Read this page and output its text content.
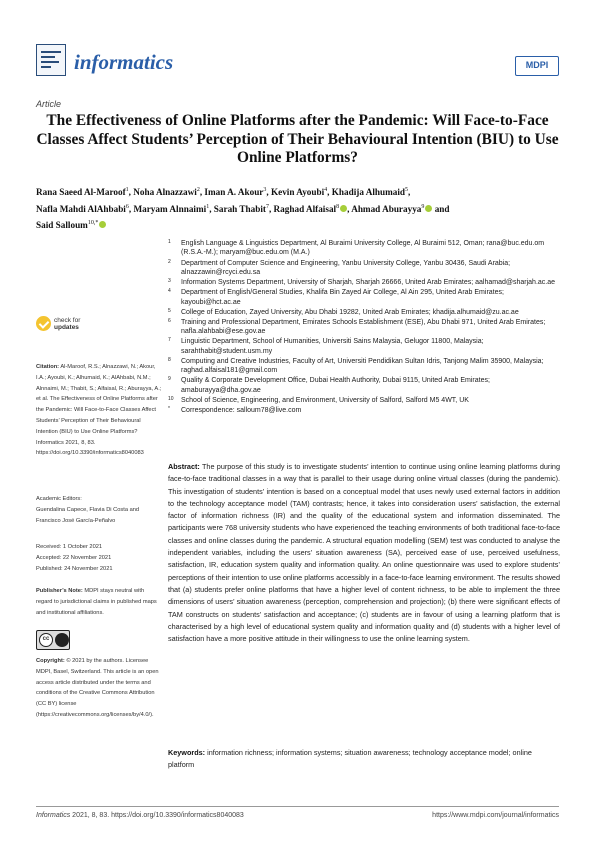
informatics	MDPI
Article
The Effectiveness of Online Platforms after the Pandemic: Will Face-to-Face Classes Affect Students’ Perception of Their Behavioural Intention (BIU) to Use Online Platforms?
Rana Saeed Al-Maroof$^1$, Noha Alnazzawi$^2$, Iman A. Akour$^3$, Kevin Ayoubi$^4$, Khadija Alhumaid$^5$,
Nafla Mahdi AlAhbabi$^6$, Maryam Alnnaimi$^1$, Sarah Thabit$^7$, Raghad Alfaisal$^8$ , Ahmad Aburayya$^9$ and
Said Salloum$^{10,*}$
1 English Language & Linguistics Department, Al Buraimi University College, Al Buraimi 512, Oman; rana@buc.edu.om (R.S.A.-M.); maryam@buc.edu.om (M.A.)
2 Department of Computer Science and Engineering, Yanbu University College, Yanbu 30436, Saudi Arabia; alnazzawin@rcyci.edu.sa
3 Information Systems Department, University of Sharjah, Sharjah 26666, United Arab Emirates; aalhamad@sharjah.ac.ae
4 Department of English/General Studies, Khalifa Bin Zayed Air College, Al Ain 295, United Arab Emirates; kayoubi@hct.ac.ae
5 College of Education, Zayed University, Abu Dhabi 19282, United Arab Emirates; khadija.alhumaid@zu.ac.ae
6 Training and Professional Department, Emirates Schools Establishment (ESE), Abu Dhabi 971, United Arab Emirates; nafla.alahbabi@ese.gov.ae
7 Linguistic Department, School of Humanities, Universiti Sains Malaysia, Gelugor 11800, Malaysia; sarahthabit@student.usm.my
8 Computing and Creative Industries, Faculty of Art, Universiti Pendidikan Sultan Idris, Tanjong Malim 35900, Malaysia; raghad.alfaisal181@gmail.com
9 Quality & Corporate Development Office, Dubai Health Authority, Dubai 9115, United Arab Emirates; amaburayya@dha.gov.ae
10 School of Science, Engineering, and Environment, University of Salford, Salford M5 4WT, UK
* Correspondence: salloum78@live.com
check for
updates
Citation: Al-Maroof, R.S.; Alnazzawi, N.; Akour, I.A.; Ayoubi, K.; Alhumaid, K.; AlAhbabi, N.M.; Alnnaimi, M.; Thabit, S.; Alfaisal, R.; Aburayya, A.; et al. The Effectiveness of Online Platforms after the Pandemic: Will Face-to-Face Classes Affect Students’ Perception of Their Behavioural Intention (BIU) to Use Online Platforms? Informatics 2021, 8, 83. https://doi.org/10.3390/informatics8040083
Academic Editors:
Guendalina Capece, Flavia Di Costa and Francisco José García-Peñalvo
Received: 1 October 2021
Accepted: 22 November 2021
Published: 24 November 2021
Publisher’s Note: MDPI stays neutral with regard to jurisdictional claims in published maps and institutional affiliations.
cc
Copyright: © 2021 by the authors. Licensee MDPI, Basel, Switzerland. This article is an open access article distributed under the terms and conditions of the Creative Commons Attribution (CC BY) license (https://creativecommons.org/licenses/by/4.0/).
Abstract: The purpose of this study is to investigate students’ intention to continue using online learning platforms during face-to-face traditional classes in a way that is parallel to their usage during online virtual classes (during the pandemic). This investigation of students’ intention is based on a conceptual model that uses newly used external factors in addition to the technology acceptance model (TAM) contrasts; hence, it takes into consideration users’ satisfaction, the external factor of information richness (IR) and the quality of the educational system and information disseminated. The participants were 768 university students who have experienced the teaching environments of both traditional face-to-face classes and online classes during the pandemic. A structural equation modelling (SEM) test was conducted to analyse the independent variables, including the users’ situation awareness (SA), perceived ease of use, perceived usefulness, satisfaction, IR, education system quality and information quality. An online questionnaire was used to explore students’ perceptions of their intention to use online platforms accessibly in a face-to-face learning environment. The results showed that (a) students prefer online platforms that have a higher level of content richness, to be able to implement the three dimensions of users’ situation awareness (perception, comprehension and projection); (b) there were significant effects of TAM constructs on students’ satisfaction and acceptance; (c) students are in favour of using a learning platform that is characterised by a high level of educational system quality and information quality and (d) students with a higher level of satisfaction have a more positive attitude in their willingness to use the online learning system.
Keywords: information richness; information systems; situation awareness; technology acceptance model; online platform
Informatics 2021, 8, 83. https://doi.org/10.3390/informatics8040083	https://www.mdpi.com/journal/informatics
